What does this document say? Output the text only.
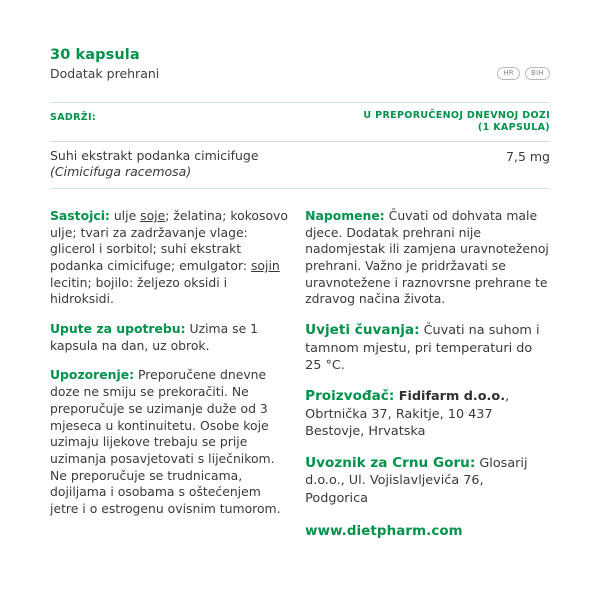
30 kapsula
Dodatak prehrani	HR	BIH
SADRŽI:	U PREPORUČENOJ DNEVNOJ DOZI
(1 KAPSULA)
Suhi ekstrakt podanka cimicifuge
(Cimicifuga racemosa)
7,5 mg

Sastojci: ulje soje; želatina; kokosovo ulje; tvari za zadržavanje vlage: glicerol i sorbitol; suhi ekstrakt podanka cimicifuge; emulgator: sojin lecitin; bojilo: željezo oksidi i hidroksidi.

Upute za upotrebu: Uzima se 1 kapsula na dan, uz obrok.

Upozorenje: Preporučene dnevne doze ne smiju se prekoračiti. Ne preporučuje se uzimanje duže od 3 mjeseca u kontinuitetu. Osobe koje uzimaju lijekove trebaju se prije uzimanja posavjetovati s liječnikom. Ne preporučuje se trudnicama, dojiljama i osobama s oštećenjem jetre i o estrogenu ovisnim tumorom.

Napomene: Čuvati od dohvata male djece. Dodatak prehrani nije nadomjestak ili zamjena uravnoteženoj prehrani. Važno je pridržavati se uravnotežene i raznovrsne prehrane te zdravog načina života.

Uvjeti čuvanja: Čuvati na suhom i tamnom mjestu, pri temperaturi do 25 °C.

Proizvođač: Fidifarm d.o.o., Obrtnička 37, Rakitje, 10 437 Bestovje, Hrvatska

Uvoznik za Crnu Goru: Glosarij d.o.o., Ul. Vojislavljevića 76, Podgorica

www.dietpharm.com
